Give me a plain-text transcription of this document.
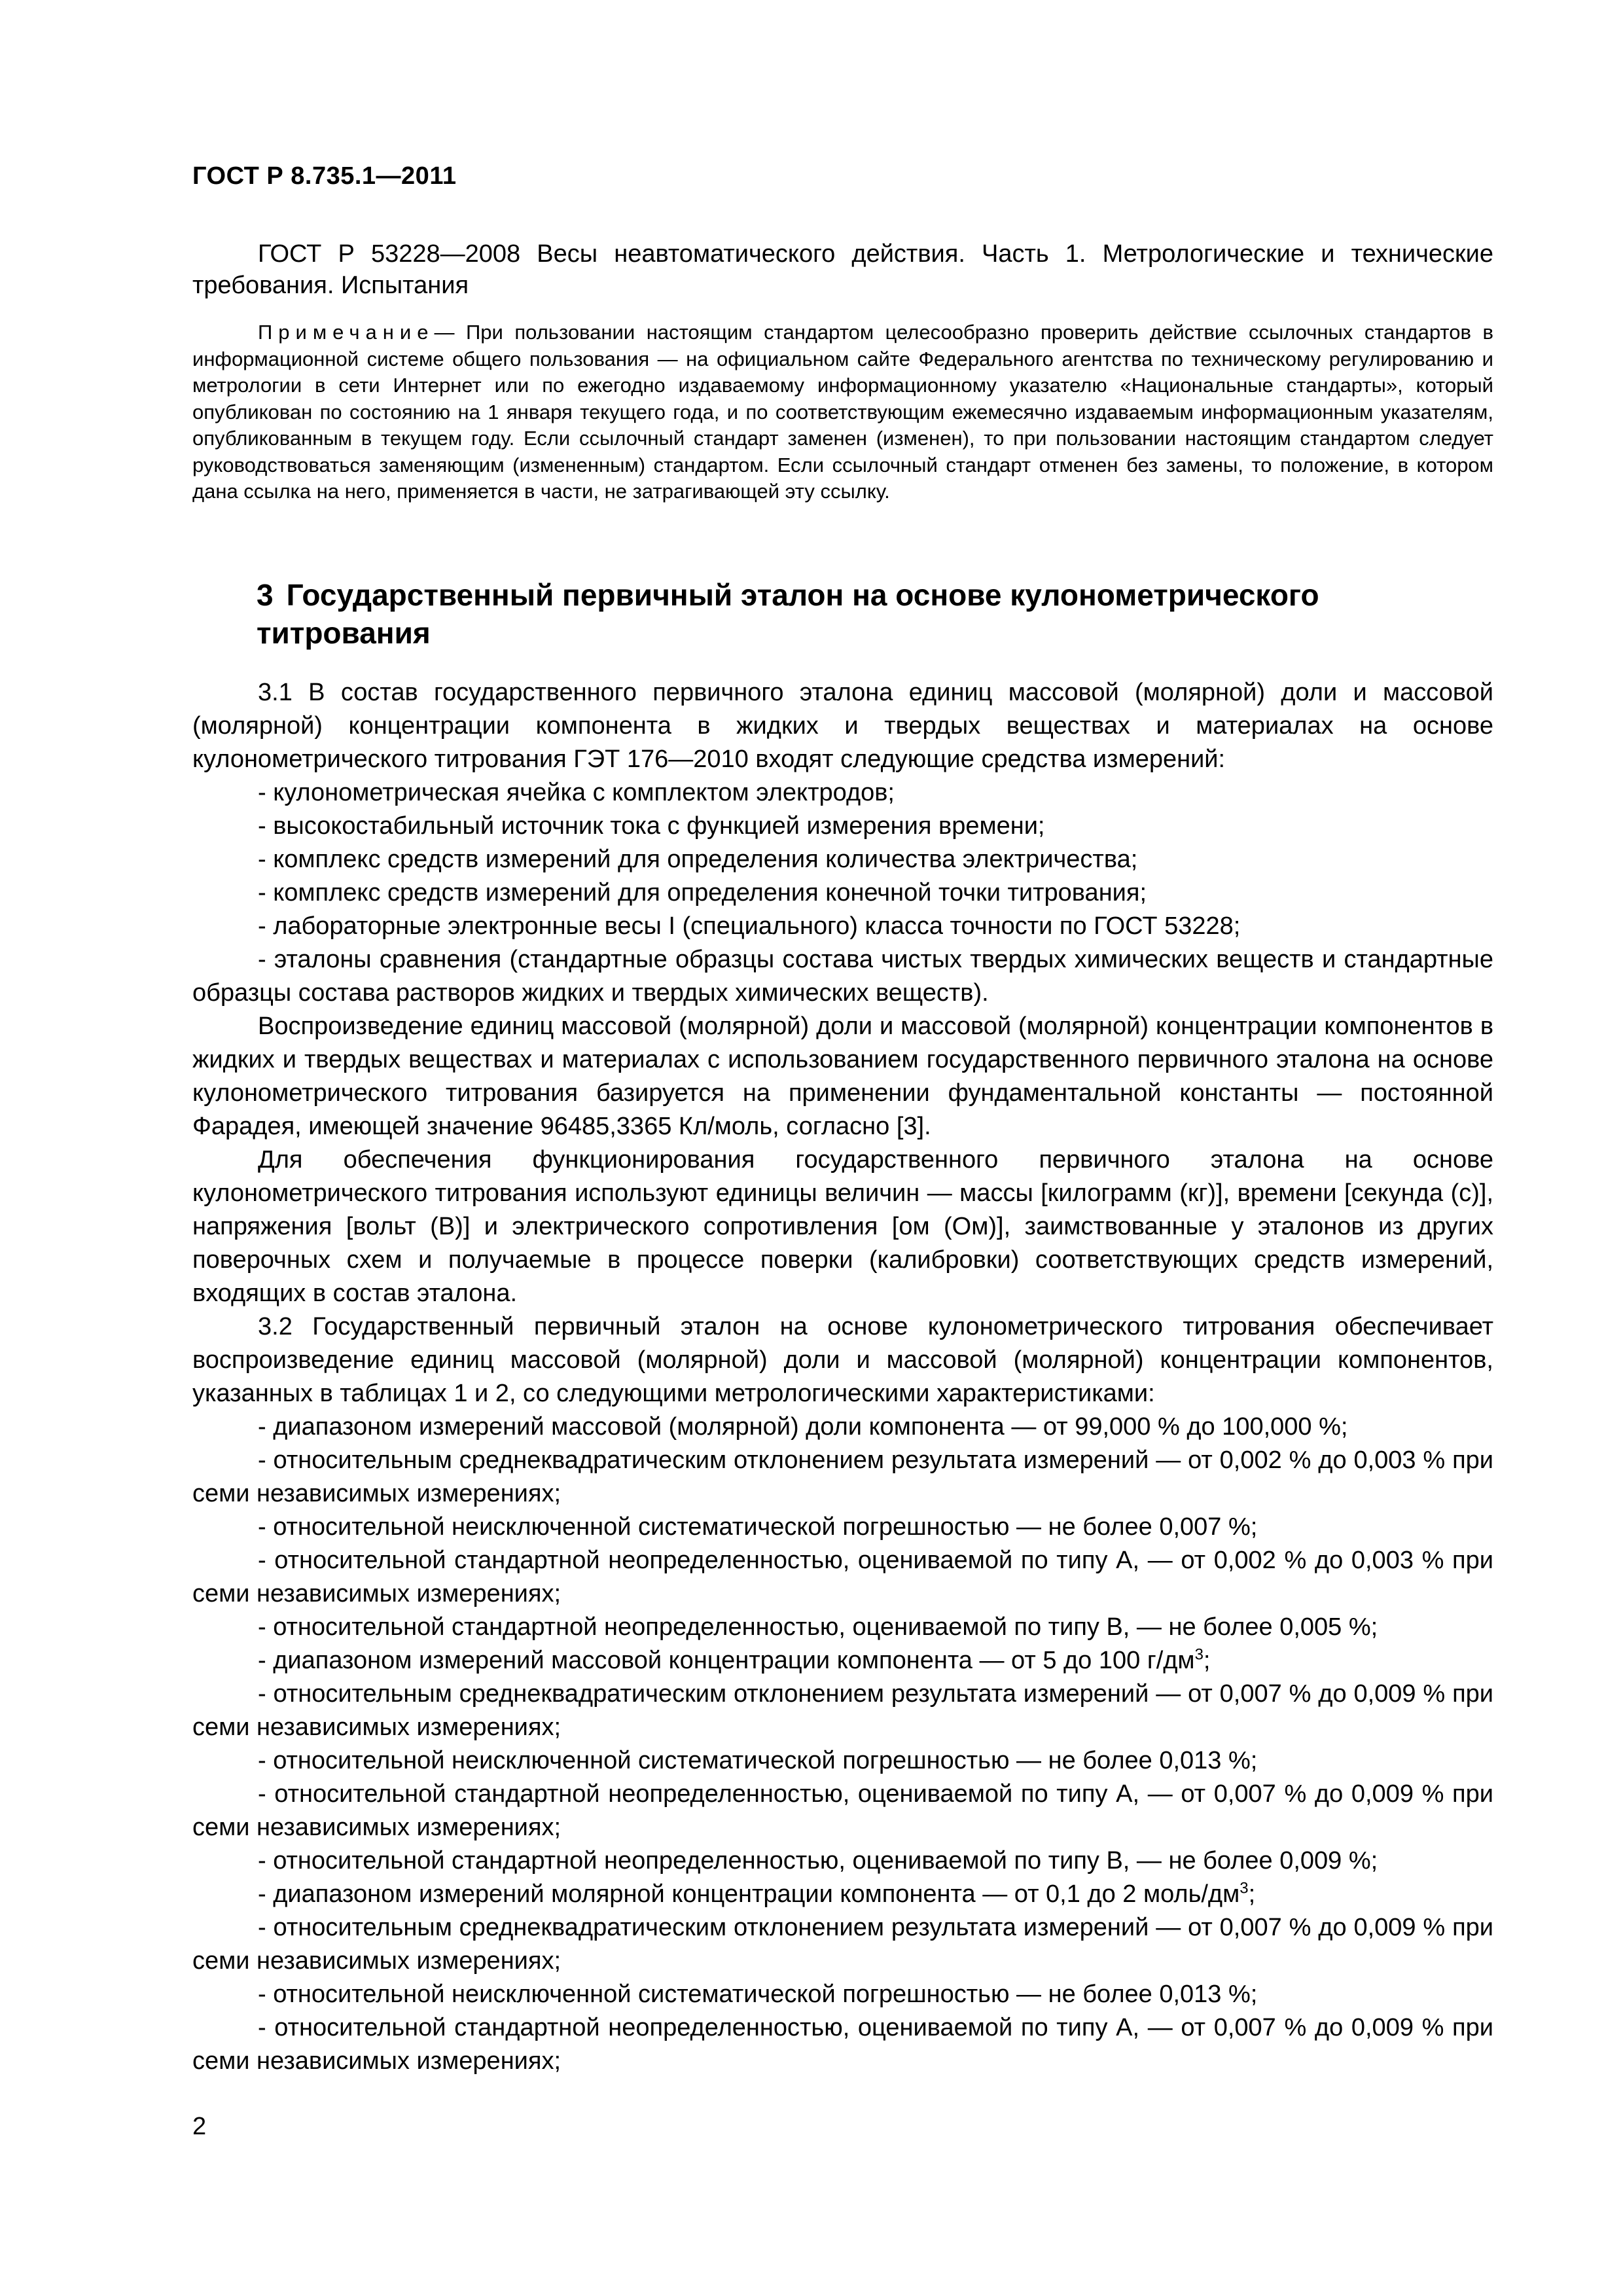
ГОСТ Р 8.735.1—2011

ГОСТ Р 53228—2008 Весы неавтоматического действия. Часть 1. Метрологические и технические требования. Испытания

Примечание— При пользовании настоящим стандартом целесообразно проверить действие ссылочных стандартов в информационной системе общего пользования — на официальном сайте Федерального агентства по техническому регулированию и метрологии в сети Интернет или по ежегодно издаваемому информационному указателю «Национальные стандарты», который опубликован по состоянию на 1 января текущего года, и по соответствующим ежемесячно издаваемым информационным указателям, опубликованным в текущем году. Если ссылочный стандарт заменен (изменен), то при пользовании настоящим стандартом следует руководствоваться заменяющим (измененным) стандартом. Если ссылочный стандарт отменен без замены, то положение, в котором дана ссылка на него, применяется в части, не затрагивающей эту ссылку.

3 Государственный первичный эталон на основе кулонометрического титрования

3.1 В состав государственного первичного эталона единиц массовой (молярной) доли и массовой (молярной) концентрации компонента в жидких и твердых веществах и материалах на основе кулонометрического титрования ГЭТ 176—2010 входят следующие средства измерений:

- кулонометрическая ячейка с комплектом электродов;

- высокостабильный источник тока с функцией измерения времени;

- комплекс средств измерений для определения количества электричества;

- комплекс средств измерений для определения конечной точки титрования;

- лабораторные электронные весы I (специального) класса точности по ГОСТ 53228;

- эталоны сравнения (стандартные образцы состава чистых твердых химических веществ и стандартные образцы состава растворов жидких и твердых химических веществ).

Воспроизведение единиц массовой (молярной) доли и массовой (молярной) концентрации компонентов в жидких и твердых веществах и материалах с использованием государственного первичного эталона на основе кулонометрического титрования базируется на применении фундаментальной константы — постоянной Фарадея, имеющей значение 96485,3365 Кл/моль, согласно [3].

Для обеспечения функционирования государственного первичного эталона на основе кулонометрического титрования используют единицы величин — массы [килограмм (кг)], времени [секунда (с)], напряжения [вольт (В)] и электрического сопротивления [ом (Ом)], заимствованные у эталонов из других поверочных схем и получаемые в процессе поверки (калибровки) соответствующих средств измерений, входящих в состав эталона.

3.2 Государственный первичный эталон на основе кулонометрического титрования обеспечивает воспроизведение единиц массовой (молярной) доли и массовой (молярной) концентрации компонентов, указанных в таблицах 1 и 2, со следующими метрологическими характеристиками:

- диапазоном измерений массовой (молярной) доли компонента — от 99,000 % до 100,000 %;

- относительным среднеквадратическим отклонением результата измерений — от 0,002 % до 0,003 % при семи независимых измерениях;

- относительной неисключенной систематической погрешностью — не более 0,007 %;

- относительной стандартной неопределенностью, оцениваемой по типу А, — от 0,002 % до 0,003 % при семи независимых измерениях;

- относительной стандартной неопределенностью, оцениваемой по типу В, — не более 0,005 %;

- диапазоном измерений массовой концентрации компонента — от 5 до 100 $г/дм^3$;

- относительным среднеквадратическим отклонением результата измерений — от 0,007 % до 0,009 % при семи независимых измерениях;

- относительной неисключенной систематической погрешностью — не более 0,013 %;

- относительной стандартной неопределенностью, оцениваемой по типу А, — от 0,007 % до 0,009 % при семи независимых измерениях;

- относительной стандартной неопределенностью, оцениваемой по типу В, — не более 0,009 %;

- диапазоном измерений молярной концентрации компонента — от 0,1 до 2 моль/$дм^3$;

- относительным среднеквадратическим отклонением результата измерений — от 0,007 % до 0,009 % при семи независимых измерениях;

- относительной неисключенной систематической погрешностью — не более 0,013 %;

- относительной стандартной неопределенностью, оцениваемой по типу А, — от 0,007 % до 0,009 % при семи независимых измерениях;

2
